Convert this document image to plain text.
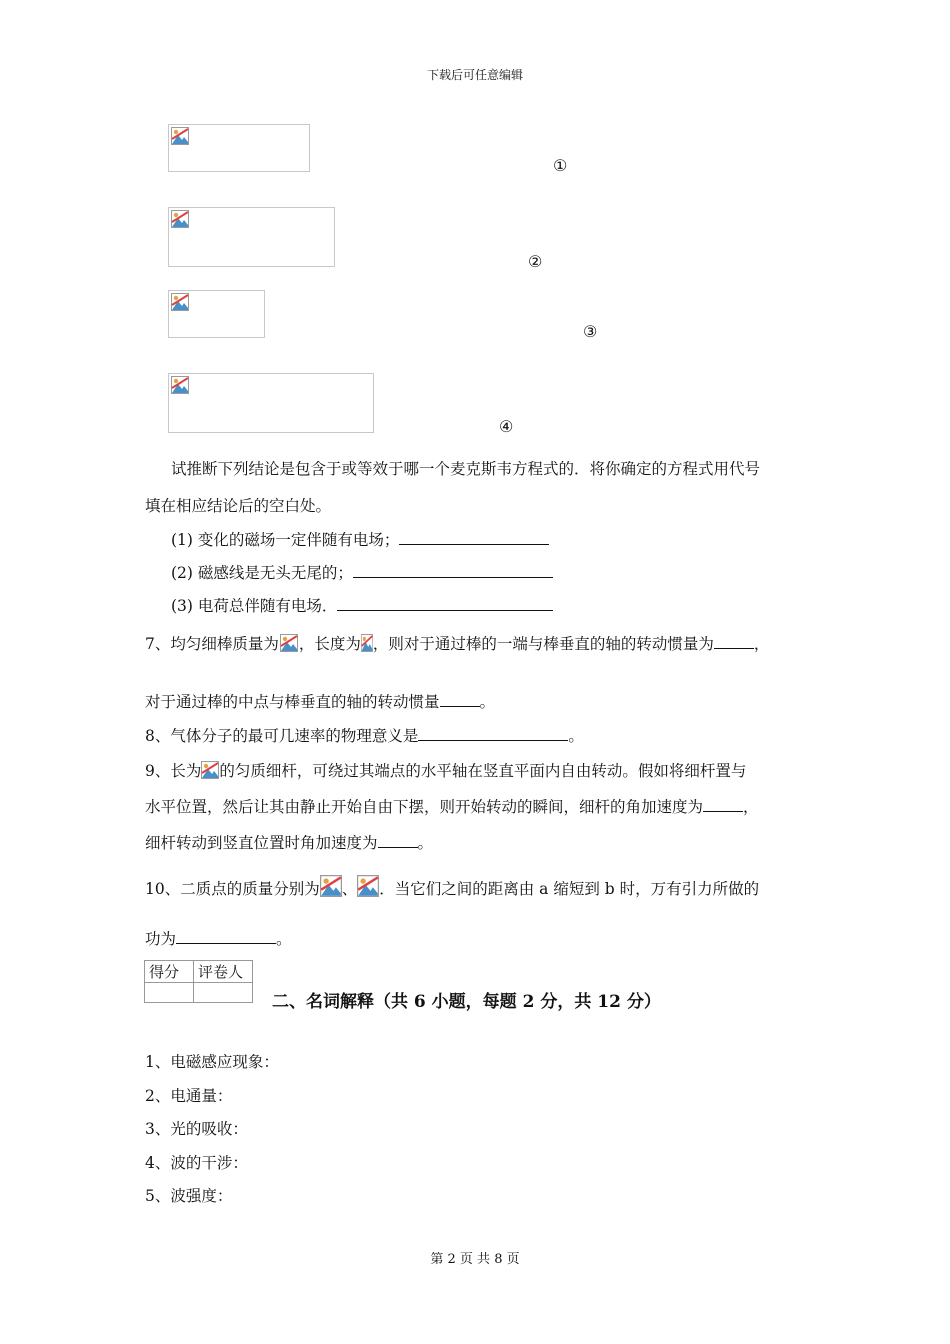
下载后可任意编辑
①
②
③
④
试推断下列结论是包含于或等效于哪一个麦克斯韦方程式的．将你确定的方程式用代号
填在相应结论后的空白处。
(1) 变化的磁场一定伴随有电场；
(2) 磁感线是无头无尾的；
(3) 电荷总伴随有电场．
7、均匀细棒质量为 ，长度为 ，则对于通过棒的一端与棒垂直的轴的转动惯量为	，
对于通过棒的中点与棒垂直的轴的转动惯量	。
8、气体分子的最可几速率的物理意义是	。
9、长为 的匀质细杆，可绕过其端点的水平轴在竖直平面内自由转动。假如将细杆置与
水平位置，然后让其由静止开始自由下摆，则开始转动的瞬间，细杆的角加速度为	，
细杆转动到竖直位置时角加速度为	。
10、二质点的质量分别为 、 ．当它们之间的距离由 a 缩短到 b 时，万有引力所做的
功为	。
得分	评卷人

二、名词解释（共 6 小题，每题 2 分，共 12 分）
1、电磁感应现象：
2、电通量：
3、光的吸收：
4、波的干涉：
5、波强度：
第 2 页 共 8 页
